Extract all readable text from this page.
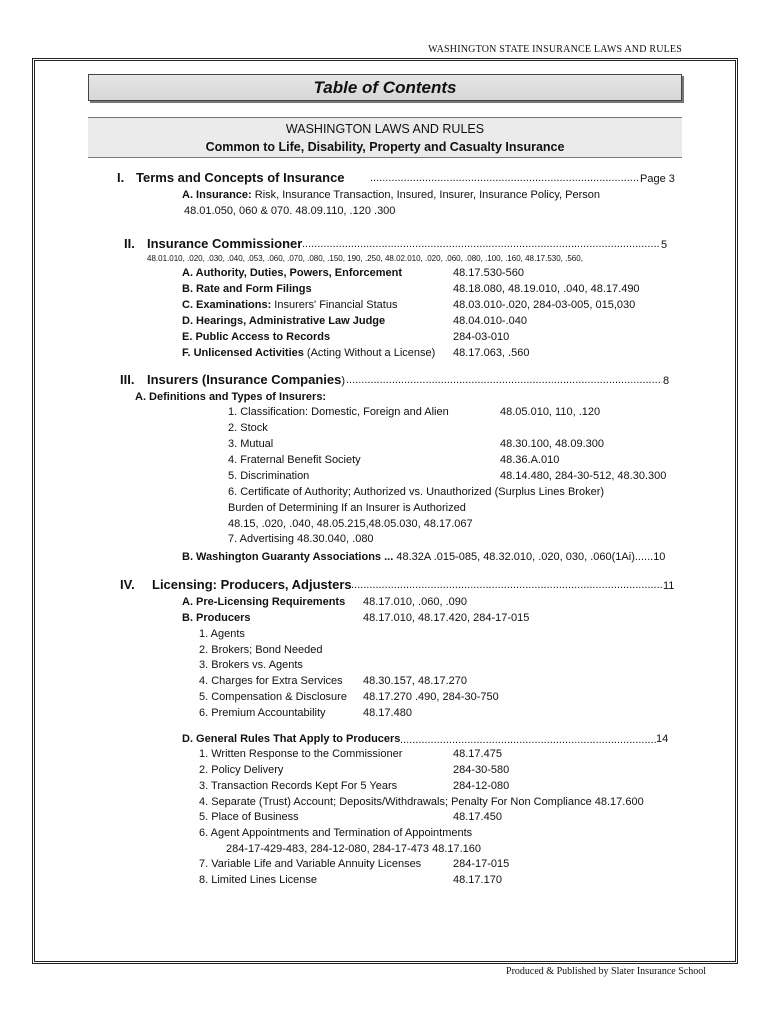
WASHINGTON STATE INSURANCE LAWS AND RULES
Table of Contents
WASHINGTON LAWS AND RULES
Common to Life, Disability, Property and Casualty Insurance
I. Terms and Concepts of Insurance .....	Page 3
A. Insurance: Risk, Insurance Transaction, Insured, Insurer, Insurance Policy, Person
48.01.050, 060 & 070. 48.09.110, .120 .300
II. Insurance Commissioner .....	5
48.01.010, .020, .030, .040, .053, .060, .070, .080, .150, 190, .250, 48.02.010, .020, .060, .080, .100, .160, 48.17.530, .560,
A. Authority, Duties, Powers, Enforcement	48.17.530-560
B. Rate and Form Filings	48.18.080, 48.19.010, .040, 48.17.490
C. Examinations: Insurers' Financial Status	48.03.010-.020, 284-03-005, 015,030
D. Hearings, Administrative Law Judge	48.04.010-.040
E. Public Access to Records	284-03-010
F. Unlicensed Activities (Acting Without a License) 48.17.063, .560
III. Insurers (Insurance Companies) .....	8
A. Definitions and Types of Insurers:
1. Classification: Domestic, Foreign and Alien	48.05.010, 110, .120
2. Stock
3. Mutual	48.30.100, 48.09.300
4. Fraternal Benefit Society	48.36.A.010
5. Discrimination	48.14.480, 284-30-512, 48.30.300
6. Certificate of Authority; Authorized vs. Unauthorized (Surplus Lines Broker)
Burden of Determining If an Insurer is Authorized
48.15, .020, .040, 48.05.215,48.05.030, 48.17.067
7. Advertising 48.30.040, .080
B. Washington Guaranty Associations ... 48.32A .015-085, 48.32.010, .020, 030, .060(1Ai)......10
IV. Licensing: Producers, Adjusters .....	11
A. Pre-Licensing Requirements 48.17.010, .060, .090
B. Producers	48.17.010, 48.17.420, 284-17-015
1. Agents
2. Brokers; Bond Needed
3. Brokers vs. Agents
4. Charges for Extra Services 48.30.157, 48.17.270
5. Compensation & Disclosure 48.17.270 .490, 284-30-750
6. Premium Accountability	48.17.480
D. General Rules That Apply to Producers .....	14
1. Written Response to the Commissioner	48.17.475
2. Policy Delivery	284-30-580
3. Transaction Records Kept For 5 Years	284-12-080
4. Separate (Trust) Account; Deposits/Withdrawals; Penalty For Non Compliance 48.17.600
5. Place of Business	48.17.450
6. Agent Appointments and Termination of Appointments
284-17-429-483, 284-12-080, 284-17-473 48.17.160
7. Variable Life and Variable Annuity Licenses	284-17-015
8. Limited Lines License	48.17.170
Produced & Published by Slater Insurance School
